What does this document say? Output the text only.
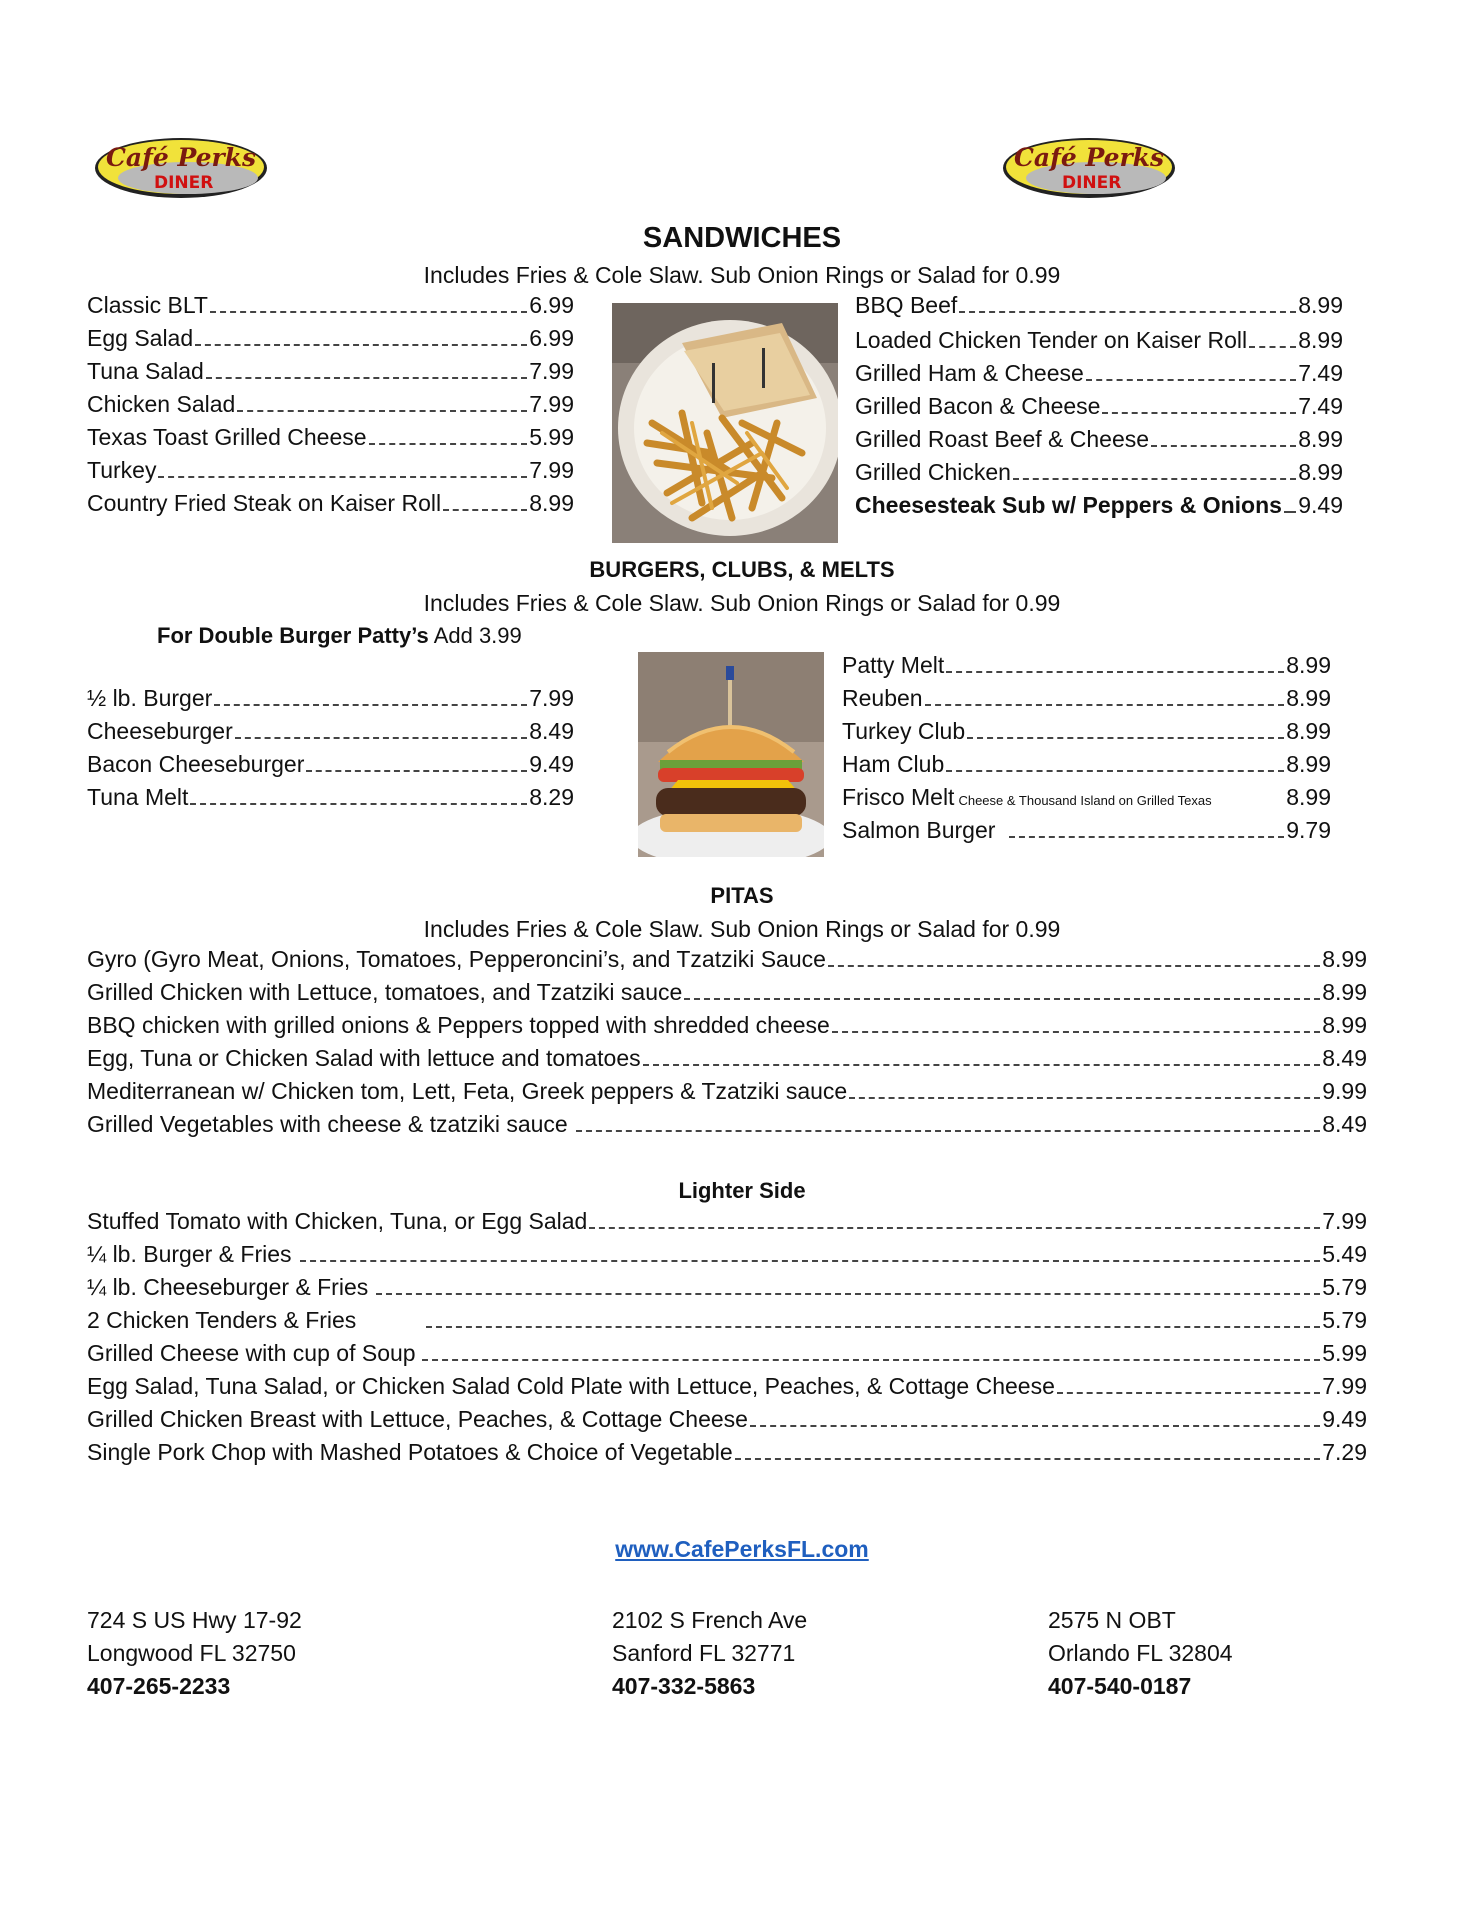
Café Perks
DINER
Café Perks
DINER
SANDWICHES
Includes Fries & Cole Slaw. Sub Onion Rings or Salad for 0.99
Classic BLT	6.99
Egg Salad	6.99
Tuna Salad	7.99
Chicken Salad	7.99
Texas Toast Grilled Cheese	5.99
Turkey	7.99
Country Fried Steak on Kaiser Roll	8.99
BBQ Beef	8.99
Loaded Chicken Tender on Kaiser Roll 8.99
Grilled Ham & Cheese	7.49
Grilled Bacon & Cheese	7.49
Grilled Roast Beef & Cheese	8.99
Grilled Chicken	8.99
Cheesesteak Sub w/ Peppers & Onions 9.49
BURGERS, CLUBS, & MELTS
Includes Fries & Cole Slaw. Sub Onion Rings or Salad for 0.99
For Double Burger Patty’s Add 3.99
½ lb. Burger	7.99
Cheeseburger	8.49
Bacon Cheeseburger	9.49
Tuna Melt	8.29
Patty Melt	8.99
Reuben	8.99
Turkey Club	8.99
Ham Club	8.99
Frisco Melt Cheese & Thousand Island on Grilled Texas	8.99
Salmon Burger	9.79
PITAS
Includes Fries & Cole Slaw. Sub Onion Rings or Salad for 0.99
Gyro (Gyro Meat, Onions, Tomatoes, Pepperoncini’s, and Tzatziki Sauce	8.99
Grilled Chicken with Lettuce, tomatoes, and Tzatziki sauce	8.99
BBQ chicken with grilled onions & Peppers topped with shredded cheese	8.99
Egg, Tuna or Chicken Salad with lettuce and tomatoes	8.49
Mediterranean w/ Chicken tom, Lett, Feta, Greek peppers & Tzatziki sauce	9.99
Grilled Vegetables with cheese & tzatziki sauce	8.49
Lighter Side
Stuffed Tomato with Chicken, Tuna, or Egg Salad	7.99
¼ lb. Burger & Fries	5.49
¼ lb. Cheeseburger & Fries	5.79
2 Chicken Tenders & Fries	5.79
Grilled Cheese with cup of Soup	5.99
Egg Salad, Tuna Salad, or Chicken Salad Cold Plate with Lettuce, Peaches, & Cottage Cheese	7.99
Grilled Chicken Breast with Lettuce, Peaches, & Cottage Cheese	9.49
Single Pork Chop with Mashed Potatoes & Choice of Vegetable	7.29
www.CafePerksFL.com
724 S US Hwy 17-92
Longwood FL 32750
407-265-2233
2102 S French Ave
Sanford FL 32771
407-332-5863
2575 N OBT
Orlando FL 32804
407-540-0187
